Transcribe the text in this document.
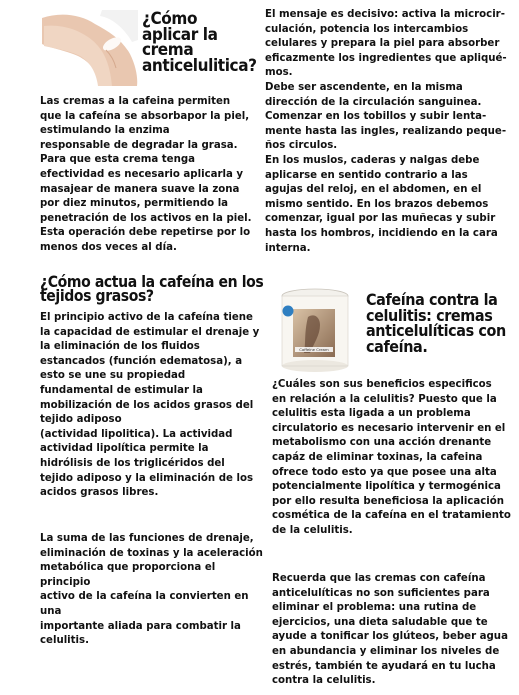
¿Cómo
aplicar la
crema
anticelulitica?
Las cremas a la cafeina permiten
que la cafeína se absorbapor la piel,
estimulando la enzima
responsable de degradar la grasa.
Para que esta crema tenga
efectividad es necesario aplicarla y
masajear de manera suave la zona
por diez minutos, permitiendo la
penetración de los activos en la piel.
Esta operación debe repetirse por lo
menos dos veces al día.
¿Cómo actua la cafeína en los
tejidos grasos?
El principio activo de la cafeína tiene
la capacidad de estimular el drenaje y
la eliminación de los fluidos
estancados (función edematosa), a
esto se une su propiedad
fundamental de estimular la
mobilización de los acidos grasos del
tejido adiposo
(actividad lipolitica). La actividad
actividad lipolítica permite la
hidrólisis de los triglicéridos del
tejido adiposo y la eliminación de los
acidos grasos libres.
La suma de las funciones de drenaje,
eliminación de toxinas y la aceleración
metabólica que proporciona el principio
activo de la cafeína la convierten en una
importante aliada para combatir la
celulitis.
El mensaje es decisivo: activa la microcir-
culación, potencia los intercambios
celulares y prepara la piel para absorber
eficazmente los ingredientes que apliqué-
mos.
Debe ser ascendente, en la misma
dirección de la circulación sanguinea.
Comenzar en los tobillos y subir lenta-
mente hasta las ingles, realizando peque-
ños circulos.
En los muslos, caderas y nalgas debe
aplicarse en sentido contrario a las
agujas del reloj, en el abdomen, en el
mismo sentido. En los brazos debemos
comenzar, igual por las muñecas y subir
hasta los hombros, incidiendo en la cara
interna.
Caffeine Cream
Cafeína contra la
celulitis: cremas
anticelulíticas con
cafeína.
¿Cuáles son sus beneficios especificos
en relación a la celulitis? Puesto que la
celulitis esta ligada a un problema
circulatorio es necesario intervenir en el
metabolismo con una acción drenante
capáz de eliminar toxinas, la cafeina
ofrece todo esto ya que posee una alta
potencialmente lipolítica y termogénica
por ello resulta beneficiosa la aplicación
cosmética de la cafeína en el tratamiento
de la celulitis.
Recuerda que las cremas con cafeína
anticelulíticas no son suficientes para
eliminar el problema: una rutina de
ejercicios, una dieta saludable que te
ayude a tonificar los glúteos, beber agua
en abundancia y eliminar los niveles de
estrés, también te ayudará en tu lucha
contra la celulitis.
